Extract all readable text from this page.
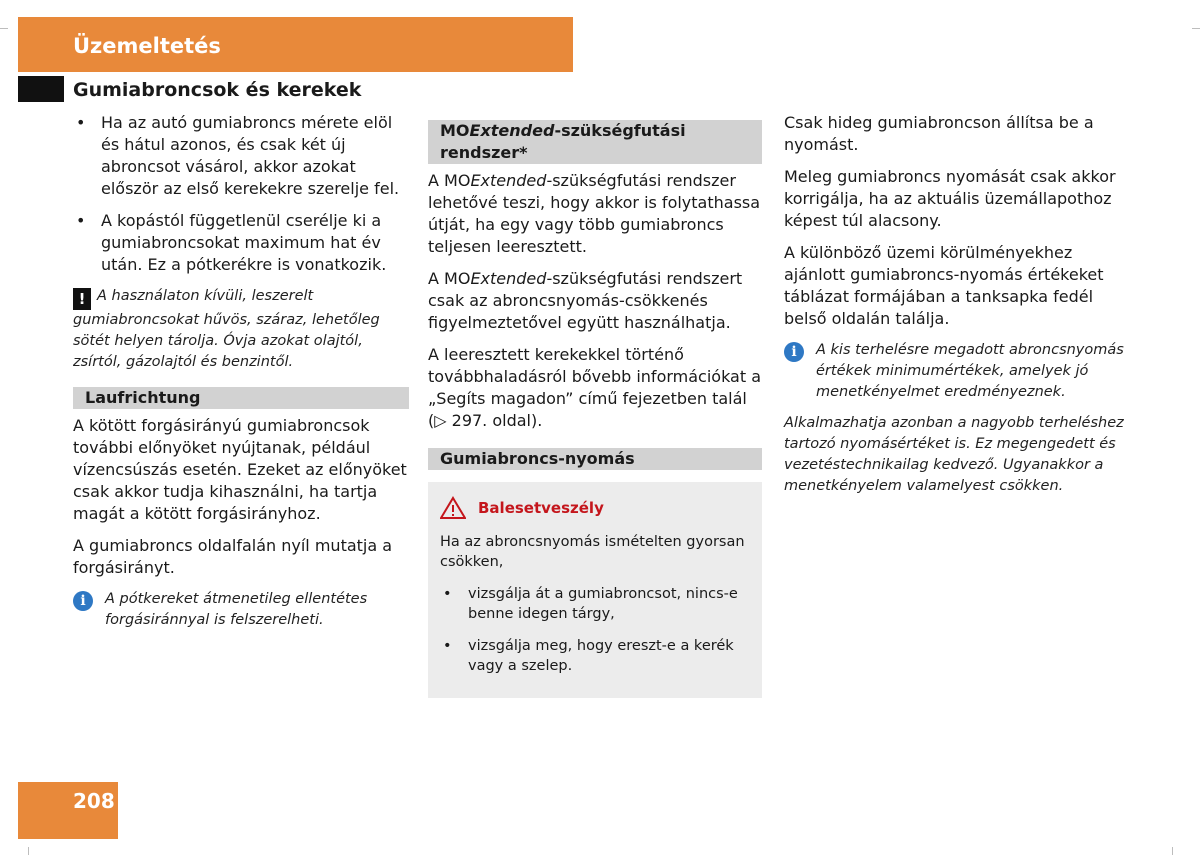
Üzemeltetés
Gumiabroncsok és kerekek
• Ha az autó gumiabroncs mérete elöl és hátul azonos, és csak két új abroncsot vásárol, akkor azokat először az első kerekekre szerelje fel.
• A kopástól függetlenül cserélje ki a gumiabroncsokat maximum hat év után. Ez a pótkerékre is vonatkozik.
! A használaton kívüli, leszerelt gumiabroncsokat hűvös, száraz, lehetőleg sötét helyen tárolja. Óvja azokat olajtól, zsírtól, gázolajtól és benzintől.
Laufrichtung

A kötött forgásirányú gumiabroncsok további előnyöket nyújtanak, például vízencsúszás esetén. Ezeket az előnyöket csak akkor tudja kihasználni, ha tartja magát a kötött forgásirányhoz.

A gumiabroncs oldalfalán nyíl mutatja a forgásirányt.

i	A pótkereket átmenetileg ellentétes forgásiránnyal is felszerelheti.
MOExtended-szükségfutási rendszer*

A MOExtended-szükségfutási rendszer lehetővé teszi, hogy akkor is folytathassa útját, ha egy vagy több gumiabroncs teljesen leeresztett.

A MOExtended-szükségfutási rendszert csak az abroncsnyomás-csökkenés figyelmeztetővel együtt használhatja.

A leeresztett kerekekkel történő továbbhaladásról bővebb információkat a „Segíts magadon” című fejezetben talál (▷ 297. oldal).

Gumiabroncs-nyomás
Balesetveszély

Ha az abroncsnyomás ismételten gyorsan csökken,

• vizsgálja át a gumiabroncsot, nincs-e benne idegen tárgy,
• vizsgálja meg, hogy ereszt-e a kerék vagy a szelep.

Csak hideg gumiabroncson állítsa be a nyomást.

Meleg gumiabroncs nyomását csak akkor korrigálja, ha az aktuális üzemállapothoz képest túl alacsony.

A különböző üzemi körülményekhez ajánlott gumiabroncs-nyomás értékeket táblázat formájában a tanksapka fedél belső oldalán találja.

i	A kis terhelésre megadott abroncsnyomás értékek minimumértékek, amelyek jó menetkényelmet eredményeznek.
Alkalmazhatja azonban a nagyobb terheléshez tartozó nyomásértéket is. Ez megengedett és vezetéstechnikailag kedvező. Ugyanakkor a menetkényelem valamelyest csökken.
208
